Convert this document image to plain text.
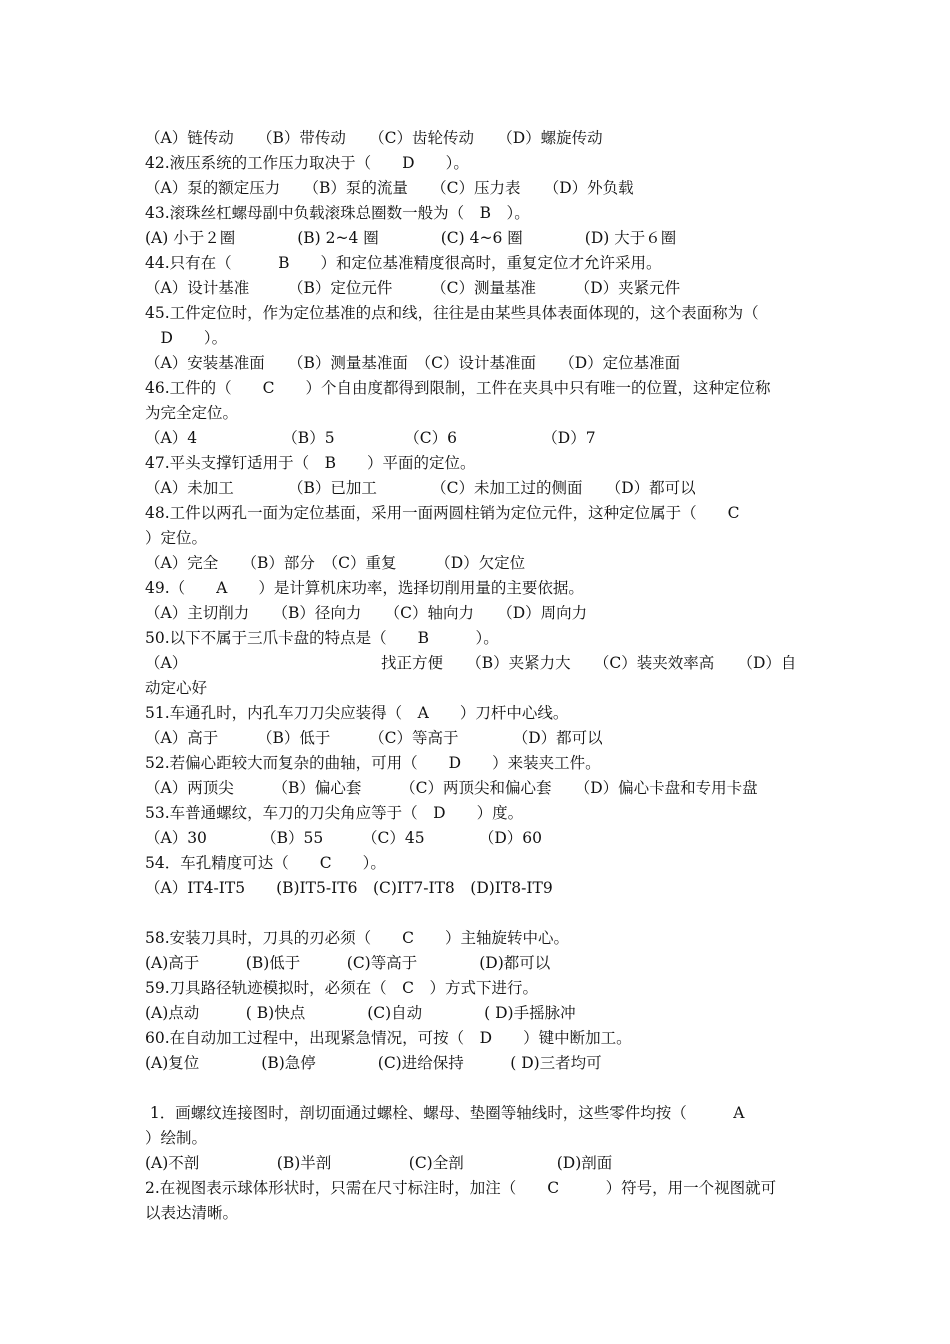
（A）链传动　　（B）带传动　　（C）齿轮传动　　（D）螺旋传动
42.液压系统的工作压力取决于（　　D　　）。
（A）泵的额定压力　　（B）泵的流量　　（C）压力表　　（D）外负载
43.滚珠丝杠螺母副中负载滚珠总圈数一般为（　B　）。
(A) 小于２圈　　　　(B) 2~4 圈　　　　(C) 4~6 圈　　　　(D) 大于６圈
44.只有在（　　　B　　）和定位基准精度很高时，重复定位才允许采用。
（A）设计基准　　　（B）定位元件　　　（C）测量基准　　　（D）夹紧元件
45.工件定位时，作为定位基准的点和线，往往是由某些具体表面体现的，这个表面称为（
　D　　）。
（A）安装基准面　　（B）测量基准面　（C）设计基准面　　（D）定位基准面
46.工件的（　　C　　）个自由度都得到限制，工件在夹具中只有唯一的位置，这种定位称
为完全定位。
（A）4　　　　　　（B）5　　　　　（C）6　　　　　　（D）7
47.平头支撑钉适用于（　B　　）平面的定位。
（A）未加工　　　　（B）已加工　　　　（C）未加工过的侧面　　（D）都可以
48.工件以两孔一面为定位基面，采用一面两圆柱销为定位元件，这种定位属于（　　C
）定位。
（A）完全　　（B）部分　（C）重复　　　（D）欠定位
49.（　　A　　）是计算机床功率，选择切削用量的主要依据。
（A）主切削力　　（B）径向力　　（C）轴向力　　（D）周向力
50.以下不属于三爪卡盘的特点是（　　B　　　）。
（A）　　　　　　　　　　　　　找正方便　　（B）夹紧力大　　（C）装夹效率高　　（D）自
动定心好
51.车通孔时，内孔车刀刀尖应装得（　A　　）刀杆中心线。
（A）高于　　　（B）低于　　　（C）等高于　　　　（D）都可以
52.若偏心距较大而复杂的曲轴，可用（　　D　　）来装夹工件。
（A）两顶尖　　　（B）偏心套　　　（C）两顶尖和偏心套　　（D）偏心卡盘和专用卡盘
53.车普通螺纹，车刀的刀尖角应等于（　D　　）度。
（A）30　　　　（B）55　　　（C）45　　　　（D）60
54．车孔精度可达（　　C　　）。
（A）IT4-IT5　　(B)IT5-IT6　(C)IT7-IT8　(D)IT8-IT9
58.安装刀具时，刀具的刃必须（　　C　　）主轴旋转中心。
(A)高于　　　(B)低于　　　(C)等高于　　　　(D)都可以
59.刀具路径轨迹模拟时，必须在（　C　）方式下进行。
(A)点动　　　( B)快点　　　　(C)自动　　　　( D)手摇脉冲
60.在自动加工过程中，出现紧急情况，可按（　D　　）键中断加工。
(A)复位　　　　(B)急停　　　　(C)进给保持　　　( D)三者均可
1．画螺纹连接图时，剖切面通过螺栓、螺母、垫圈等轴线时，这些零件均按（　　　A
）绘制。
(A)不剖　　　　　(B)半剖　　　　　(C)全剖　　　　　　(D)剖面
2.在视图表示球体形状时，只需在尺寸标注时，加注（　　C　　　）符号，用一个视图就可
以表达清晰。
